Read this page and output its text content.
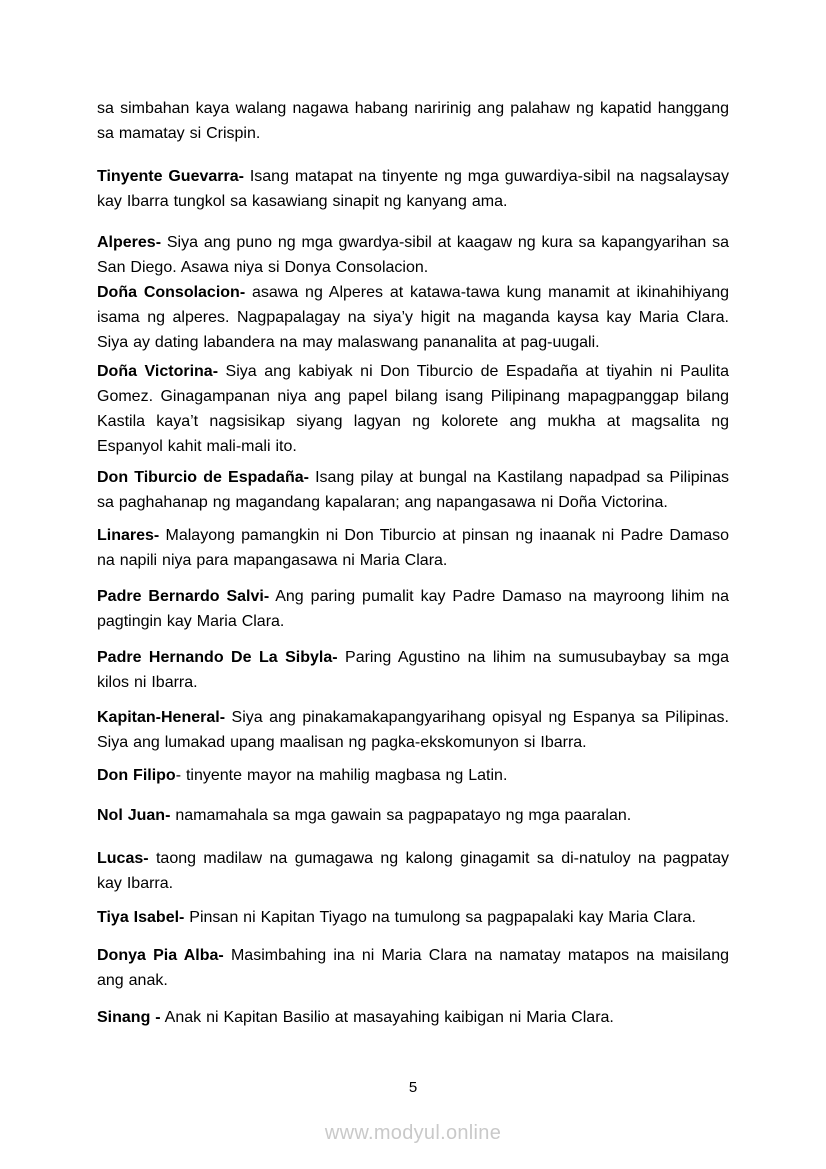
sa simbahan kaya walang nagawa habang naririnig ang palahaw ng kapatid hanggang sa mamatay si Crispin.

Tinyente Guevarra- Isang matapat na tinyente ng mga guwardiya-sibil na nagsalaysay kay Ibarra tungkol sa kasawiang sinapit ng kanyang ama.

Alperes- Siya ang puno ng mga gwardya-sibil at kaagaw ng kura sa kapangyarihan sa San Diego. Asawa niya si Donya Consolacion.

Doña Consolacion- asawa ng Alperes at katawa-tawa kung manamit at ikinahihiyang isama ng alperes. Nagpapalagay na siya’y higit na maganda kaysa kay Maria Clara. Siya ay dating labandera na may malaswang pananalita at pag-uugali.

Doña Victorina- Siya ang kabiyak ni Don Tiburcio de Espadaña at tiyahin ni Paulita Gomez. Ginagampanan niya ang papel bilang isang Pilipinang mapagpanggap bilang Kastila kaya’t nagsisikap siyang lagyan ng kolorete ang mukha at magsalita ng Espanyol kahit mali-mali ito.

Don Tiburcio de Espadaña- Isang pilay at bungal na Kastilang napadpad sa Pilipinas sa paghahanap ng magandang kapalaran; ang napangasawa ni Doña Victorina.

Linares- Malayong pamangkin ni Don Tiburcio at pinsan ng inaanak ni Padre Damaso na napili niya para mapangasawa ni Maria Clara.

Padre Bernardo Salvi- Ang paring pumalit kay Padre Damaso na mayroong lihim na pagtingin kay Maria Clara.

Padre Hernando De La Sibyla- Paring Agustino na lihim na sumusubaybay sa mga kilos ni Ibarra.

Kapitan-Heneral- Siya ang pinakamakapangyarihang opisyal ng Espanya sa Pilipinas. Siya ang lumakad upang maalisan ng pagka-ekskomunyon si Ibarra.

Don Filipo- tinyente mayor na mahilig magbasa ng Latin.

Nol Juan- namamahala sa mga gawain sa pagpapatayo ng mga paaralan.

Lucas- taong madilaw na gumagawa ng kalong ginagamit sa di-natuloy na pagpatay kay Ibarra.

Tiya Isabel- Pinsan ni Kapitan Tiyago na tumulong sa pagpapalaki kay Maria Clara.

Donya Pia Alba- Masimbahing ina ni Maria Clara na namatay matapos na maisilang ang anak.

Sinang - Anak ni Kapitan Basilio at masayahing kaibigan ni Maria Clara.

5
www.modyul.online
